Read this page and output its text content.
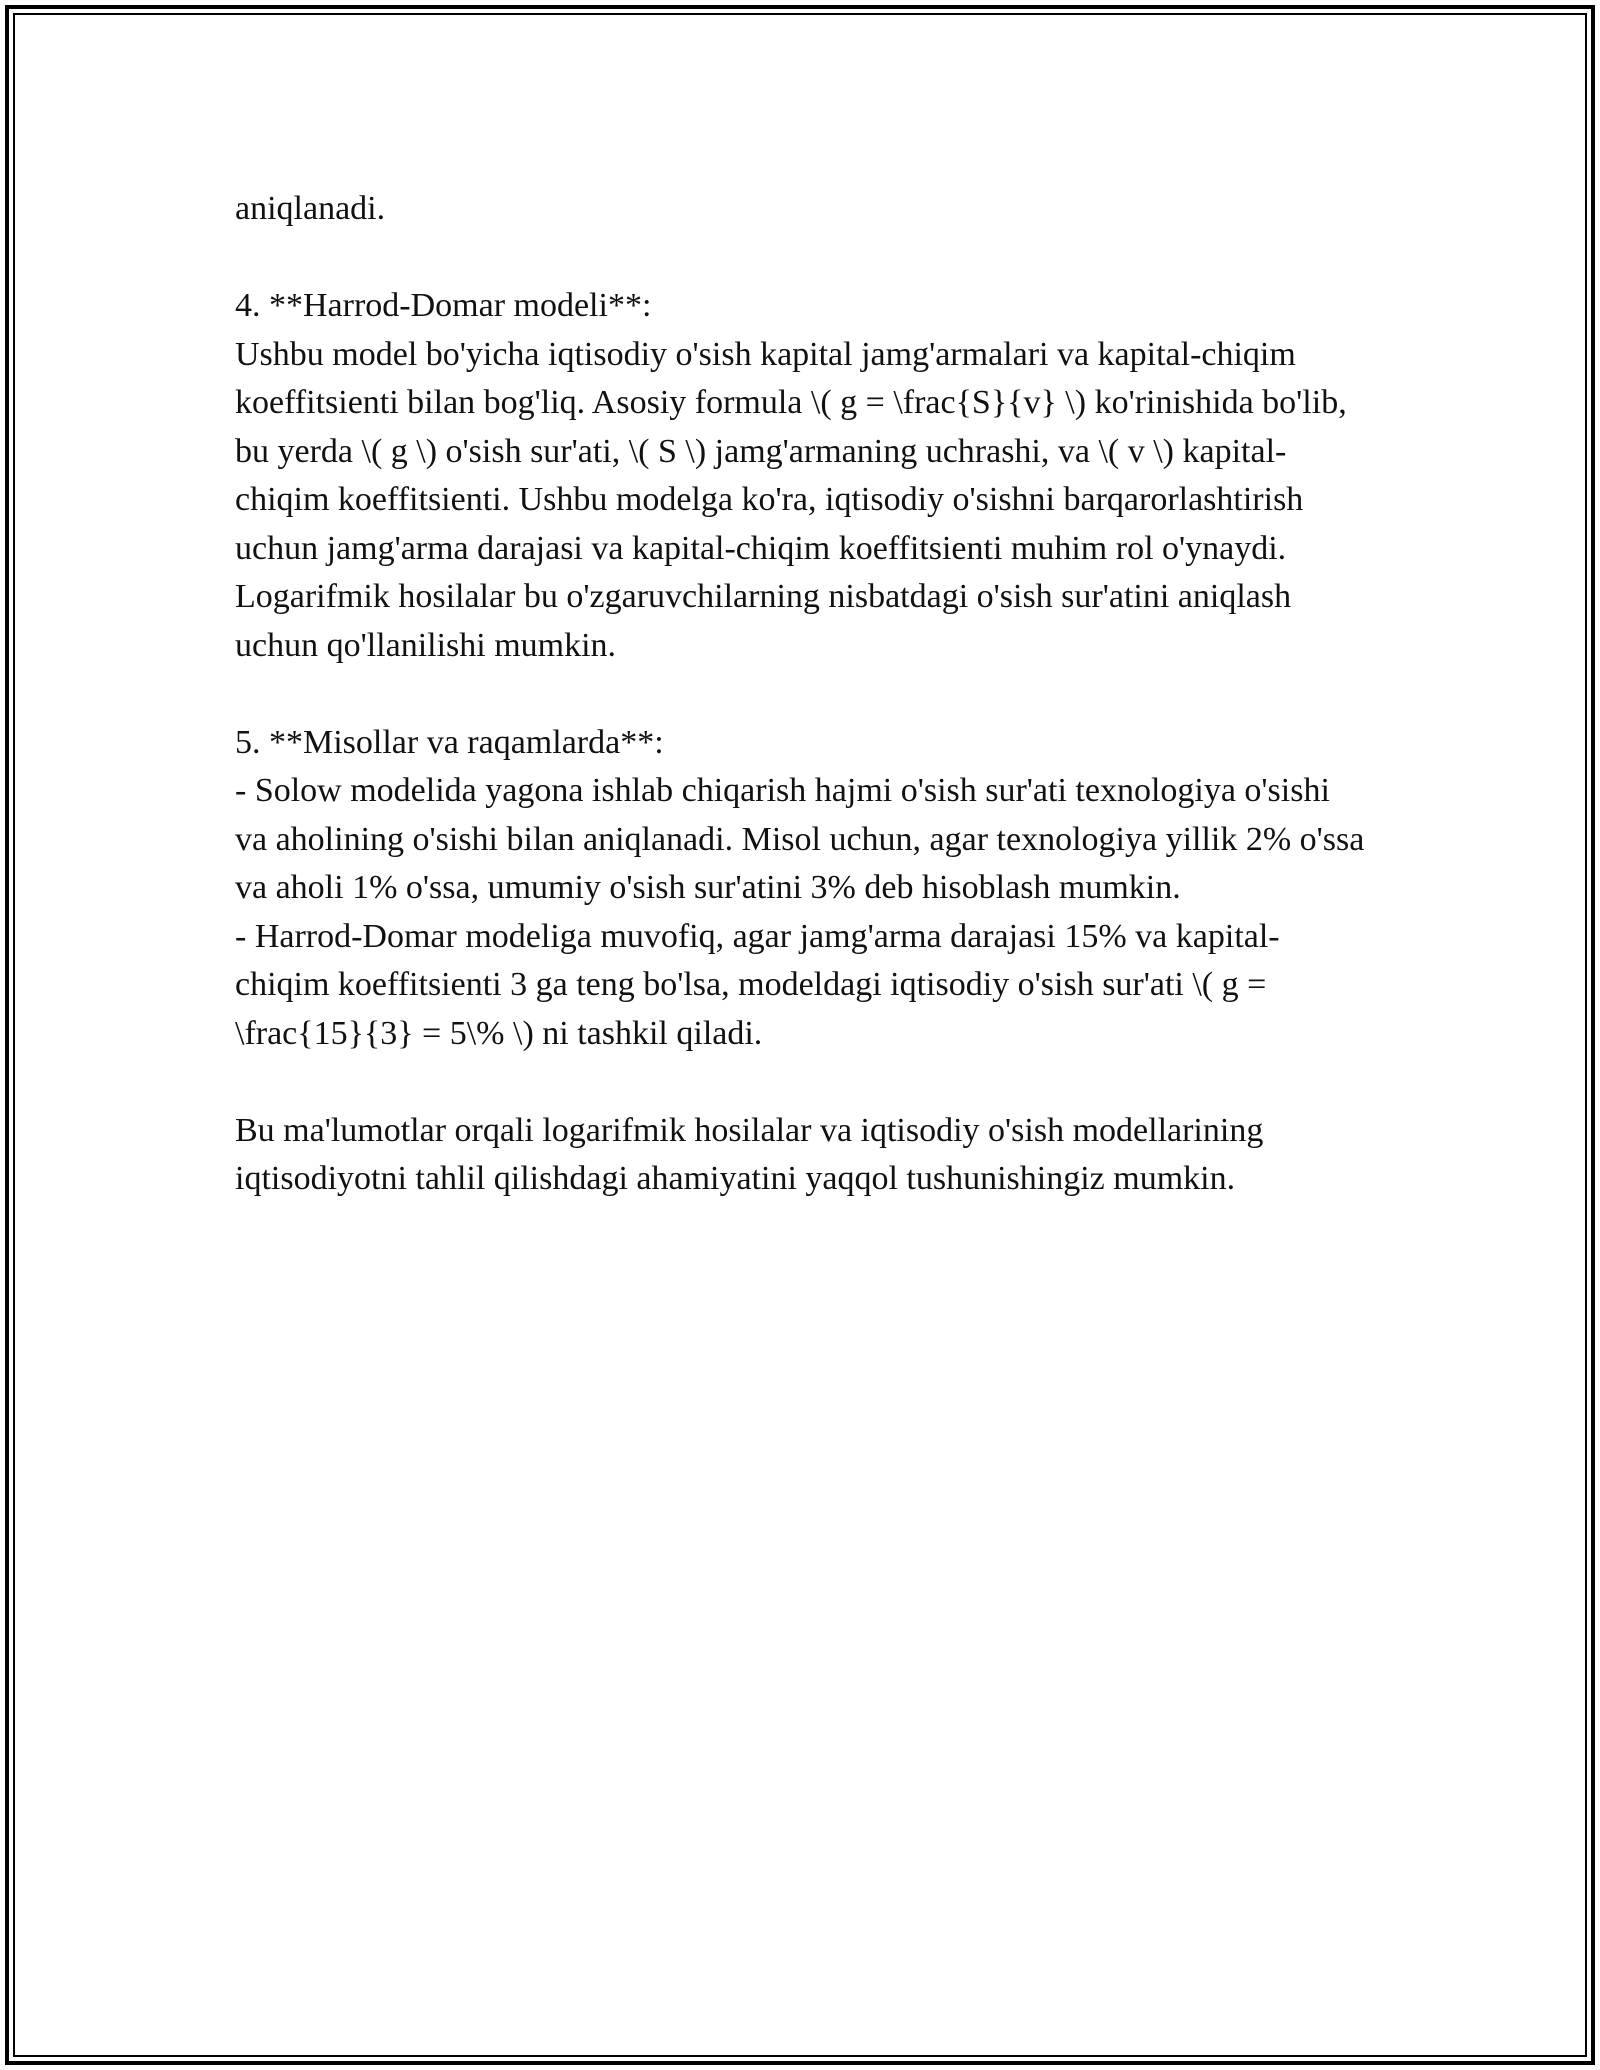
aniqlanadi.

4. **Harrod-Domar modeli**:
Ushbu model bo'yicha iqtisodiy o'sish kapital jamg'armalari va kapital-chiqim koeffitsienti bilan bog'liq. Asosiy formula \( g = \frac{S}{v} \) ko'rinishida bo'lib, bu yerda \( g \) o'sish sur'ati, \( S \) jamg'armaning uchrashi, va \( v \) kapital-chiqim koeffitsienti. Ushbu modelga ko'ra, iqtisodiy o'sishni barqarorlashtirish uchun jamg'arma darajasi va kapital-chiqim koeffitsienti muhim rol o'ynaydi. Logarifmik hosilalar bu o'zgaruvchilarning nisbatdagi o'sish sur'atini aniqlash uchun qo'llanilishi mumkin.

5. **Misollar va raqamlarda**:
- Solow modelida yagona ishlab chiqarish hajmi o'sish sur'ati texnologiya o'sishi va aholining o'sishi bilan aniqlanadi. Misol uchun, agar texnologiya yillik 2% o'ssa va aholi 1% o'ssa, umumiy o'sish sur'atini 3% deb hisoblash mumkin.
- Harrod-Domar modeliga muvofiq, agar jamg'arma darajasi 15% va kapital-chiqim koeffitsienti 3 ga teng bo'lsa, modeldagi iqtisodiy o'sish sur'ati \( g = \frac{15}{3} = 5\% \) ni tashkil qiladi.

Bu ma'lumotlar orqali logarifmik hosilalar va iqtisodiy o'sish modellarining iqtisodiyotni tahlil qilishdagi ahamiyatini yaqqol tushunishingiz mumkin.
